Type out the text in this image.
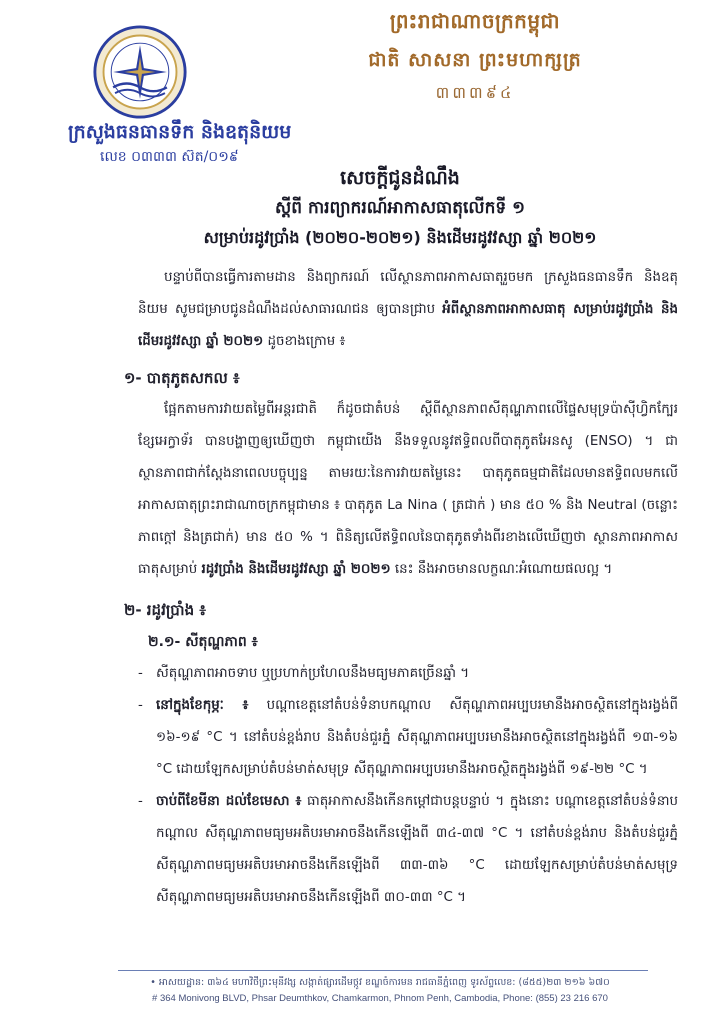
ក្រសួងធនធានទឹក និងឧតុនិយម
លេខ ០៣៣៣ ស៊ត/០១៩
ព្រះរាជាណាចក្រកម្ពុជា
ជាតិ សាសនា ព្រះមហាក្សត្រ
៣៣៣៩៤
សេចក្តីជូនដំណឹង
ស្តីពី ការព្យាករណ៍អាកាសធាតុលើកទី ១
សម្រាប់រដូវប្រាំង (២០២០-២០២១) និងដើមរដូវវស្សា ឆ្នាំ ២០២១

បន្ទាប់ពីបានធ្វើការតាមដាន និងព្យាករណ៍ លើស្ថានភាពអាកាសធាតុរួចមក ក្រសួងធនធានទឹក និងឧតុនិយម សូមជម្រាបជូនដំណឹងដល់សាធារណជន ឲ្យបានជ្រាប អំពីស្ថានភាពអាកាសធាតុ សម្រាប់រដូវប្រាំង និងដើមរដូវវស្សា ឆ្នាំ ២០២១ ដូចខាងក្រោម ៖

១- បាតុភូតសកល ៖

ផ្អែកតាមការវាយតម្លៃពីអន្តរជាតិ ក៏ដូចជាតំបន់ ស្តីពីស្ថានភាពសីតុណ្ហភាពលើផ្ទៃសមុទ្រប៉ាស៊ីហ្វិកក្បែរខ្សែអេក្វាទ័រ បានបង្ហាញឲ្យឃើញថា កម្ពុជាយើង នឹងទទួលនូវឥទ្ធិពលពីបាតុភូតអែនសូ (ENSO) ។ ជាស្ថានភាពជាក់ស្តែងនាពេលបច្ចុប្បន្ន តាមរយៈនៃការវាយតម្លៃនេះ បាតុភូតធម្មជាតិដែលមានឥទ្ធិពលមកលើអាកាសធាតុព្រះរាជាណាចក្រកម្ពុជាមាន ៖ បាតុភូត La Nina ( ត្រជាក់ ) មាន ៥០ % និង Neutral (ចន្លោះភាពក្តៅ និងត្រជាក់) មាន ៥០ % ។ ពិនិត្យលើឥទ្ធិពលនៃបាតុភូតទាំងពីរខាងលើឃើញថា ស្ថានភាពអាកាសធាតុសម្រាប់ រដូវប្រាំង និងដើមរដូវវស្សា ឆ្នាំ ២០២១ នេះ នឹងអាចមានលក្ខណៈអំណោយផលល្អ ។

២- រដូវប្រាំង ៖
២.១- សីតុណ្ហភាព ៖

- សីតុណ្ហភាពអាចទាប ឬប្រហាក់ប្រហែលនឹងមធ្យមភាគច្រើនឆ្នាំ ។

- នៅក្នុងខែកុម្ភៈ ៖ បណ្តាខេត្តនៅតំបន់ទំនាបកណ្តាល សីតុណ្ហភាពអប្បបរមានឹងអាចស្ថិតនៅក្នុងរង្វង់ពី ១៦-១៩ °C ។ នៅតំបន់ខ្ពង់រាប និងតំបន់ជួរភ្នំ សីតុណ្ហភាពអប្បបរមានឹងអាចស្ថិតនៅក្នុងរង្វង់ពី ១៣-១៦ °C ដោយឡែកសម្រាប់តំបន់មាត់សមុទ្រ សីតុណ្ហភាពអប្បបរមានឹងអាចស្ថិតក្នុងរង្វង់ពី ១៩-២២ °C ។

- ចាប់ពីខែមីនា ដល់ខែមេសា ៖ ធាតុអាកាសនឹងកើនកម្តៅជាបន្តបន្ទាប់ ។ ក្នុងនោះ បណ្តាខេត្តនៅតំបន់ទំនាបកណ្តាល សីតុណ្ហភាពមធ្យមអតិបរមាអាចនឹងកើនឡើងពី ៣៤-៣៧ °C ។ នៅតំបន់ខ្ពង់រាប និងតំបន់ជួរភ្នំ សីតុណ្ហភាពមធ្យមអតិបរមាអាចនឹងកើនឡើងពី ៣៣-៣៦ °C ដោយឡែកសម្រាប់តំបន់មាត់សមុទ្រ សីតុណ្ហភាពមធ្យមអតិបរមាអាចនឹងកើនឡើងពី ៣០-៣៣ °C ។

• អាសយដ្ឋាន: ៣៦៤ មហាវិថីព្រះមុនីវង្ស សង្កាត់ផ្សារដើមថ្កូវ ខណ្ឌចំការមន រាជធានីភ្នំពេញ ទូរស័ព្ទលេខ: (៨៥៥)២៣ ២១៦ ៦៧០
# 364 Monivong BLVD, Phsar Deumthkov, Chamkarmon, Phnom Penh, Cambodia, Phone: (855) 23 216 670
